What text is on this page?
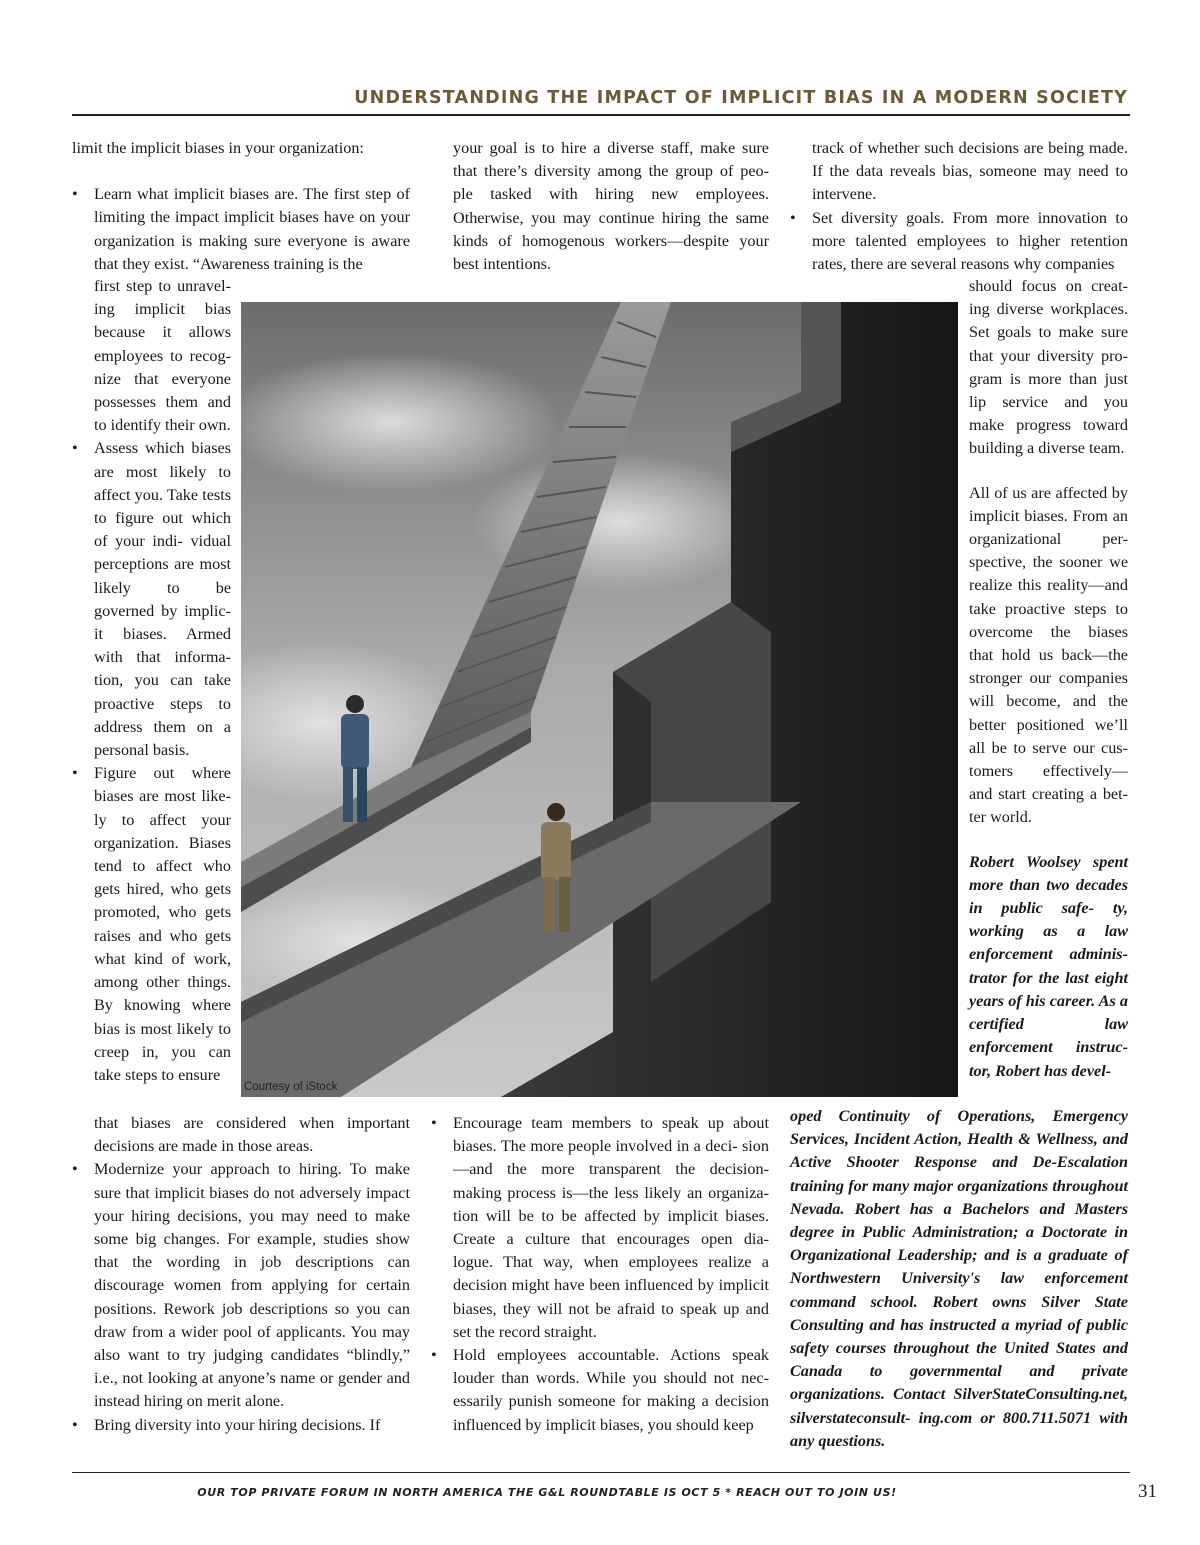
UNDERSTANDING THE IMPACT OF IMPLICIT BIAS IN A MODERN SOCIETY

limit the implicit biases in your organization:

• Learn what implicit biases are. The first step of limiting the impact implicit biases have on your organization is making sure everyone is aware that they exist. “Awareness training is the

first step to unravel- ing implicit bias because it allows employees to recog- nize that everyone possesses them and to identify their own.

• Assess which biases are most likely to affect you. Take tests to figure out which of your indi- vidual perceptions are most likely to be governed by implic- it biases. Armed with that informa- tion, you can take proactive steps to address them on a personal basis.

• Figure out where biases are most like- ly to affect your organization. Biases tend to affect who gets hired, who gets promoted, who gets raises and who gets what kind of work, among other things. By knowing where bias is most likely to creep in, you can take steps to ensure

that biases are considered when important decisions are made in those areas.

• Modernize your approach to hiring. To make sure that implicit biases do not adversely impact your hiring decisions, you may need to make some big changes. For example, studies show that the wording in job descriptions can discourage women from applying for certain positions. Rework job descriptions so you can draw from a wider pool of applicants. You may also want to try judging candidates “blindly,” i.e., not looking at anyone’s name or gender and instead hiring on merit alone.

• Bring diversity into your hiring decisions. If

your goal is to hire a diverse staff, make sure that there’s diversity among the group of peo- ple tasked with hiring new employees. Otherwise, you may continue hiring the same kinds of homogenous workers—despite your best intentions.

• Encourage team members to speak up about biases. The more people involved in a deci- sion—and the more transparent the decision- making process is—the less likely an organiza- tion will be to be affected by implicit biases. Create a culture that encourages open dia- logue. That way, when employees realize a decision might have been influenced by implicit biases, they will not be afraid to speak up and set the record straight.

• Hold employees accountable. Actions speak louder than words. While you should not nec- essarily punish someone for making a decision influenced by implicit biases, you should keep

track of whether such decisions are being made. If the data reveals bias, someone may need to intervene.

• Set diversity goals. From more innovation to more talented employees to higher retention rates, there are several reasons why companies

should focus on creat- ing diverse workplaces. Set goals to make sure that your diversity pro- gram is more than just lip service and you make progress toward building a diverse team.

All of us are affected by implicit biases. From an organizational per- spective, the sooner we realize this reality—and take proactive steps to overcome the biases that hold us back—the stronger our companies will become, and the better positioned we’ll all be to serve our cus- tomers effectively— and start creating a bet- ter world.

Robert Woolsey spent more than two decades in public safe- ty, working as a law enforcement adminis- trator for the last eight years of his career. As a certified law enforcement instruc- tor, Robert has devel-

oped Continuity of Operations, Emergency Services, Incident Action, Health & Wellness, and Active Shooter Response and De-Escalation training for many major organizations throughout Nevada. Robert has a Bachelors and Masters degree in Public Administration; a Doctorate in Organizational Leadership; and is a graduate of Northwestern University's law enforcement command school. Robert owns Silver State Consulting and has instructed a myriad of public safety courses throughout the United States and Canada to governmental and private organizations. Contact SilverStateConsulting.net, silverstateconsult- ing.com or 800.711.5071 with any questions.

Courtesy of iStock
OUR TOP PRIVATE FORUM IN NORTH AMERICA THE G&L ROUNDTABLE IS OCT 5 * REACH OUT TO JOIN US!	31
